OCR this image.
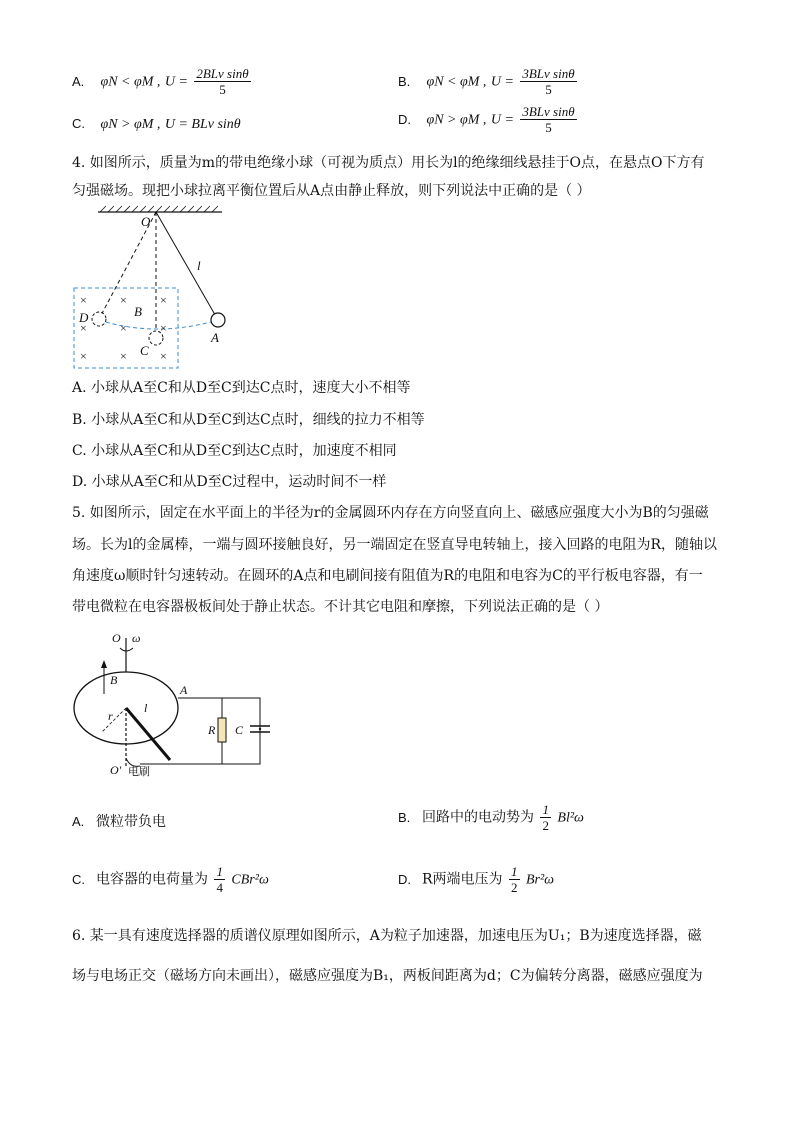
A. φN < φM , $U = \frac{\text{2BLv sinθ}}{5}$	B. φN < φM , $U = \frac{\text{3BLv sinθ}}{5}$
C. φN > φM , U = BLv sinθ	D. φN > φM , $U = \frac{\text{3BLv sinθ}}{5}$
4. 如图所示，质量为m的带电绝缘小球（可视为质点）用长为l的绝缘细线悬挂于O点，在悬点O下方有
匀强磁场。现把小球拉离平衡位置后从A点由静止释放，则下列说法中正确的是（ ）
×	×	×
×	×	×
×	×	×
O
l
D	B
C
A
A. 小球从A至C和从D至C到达C点时，速度大小不相等
B. 小球从A至C和从D至C到达C点时，细线的拉力不相等
C. 小球从A至C和从D至C到达C点时，加速度不相同
D. 小球从A至C和从D至C过程中，运动时间不一样
5. 如图所示，固定在水平面上的半径为r的金属圆环内存在方向竖直向上、磁感应强度大小为B的匀强磁
场。长为l的金属棒，一端与圆环接触良好，另一端固定在竖直导电转轴上，接入回路的电阻为R，随轴以
角速度ω顺时针匀速转动。在圆环的A点和电刷间接有阻值为R的电阻和电容为C的平行板电容器，有一
带电微粒在电容器极板间处于静止状态。不计其它电阻和摩擦，下列说法正确的是（ ）
O ω
B
A
r
l
R C
O′ 电刷
A. 微粒带负电	B. 回路中的电动势为 $\frac{1}{2} Bl^2\omega$
C. 电容器的电荷量为 $\frac{1}{4} CBr^2\omega$	D. R两端电压为 $\frac{1}{2} Br^2\omega$
6. 某一具有速度选择器的质谱仪原理如图所示，A为粒子加速器，加速电压为U₁；B为速度选择器，磁
场与电场正交（磁场方向未画出），磁感应强度为B₁，两板间距离为d；C为偏转分离器，磁感应强度为
